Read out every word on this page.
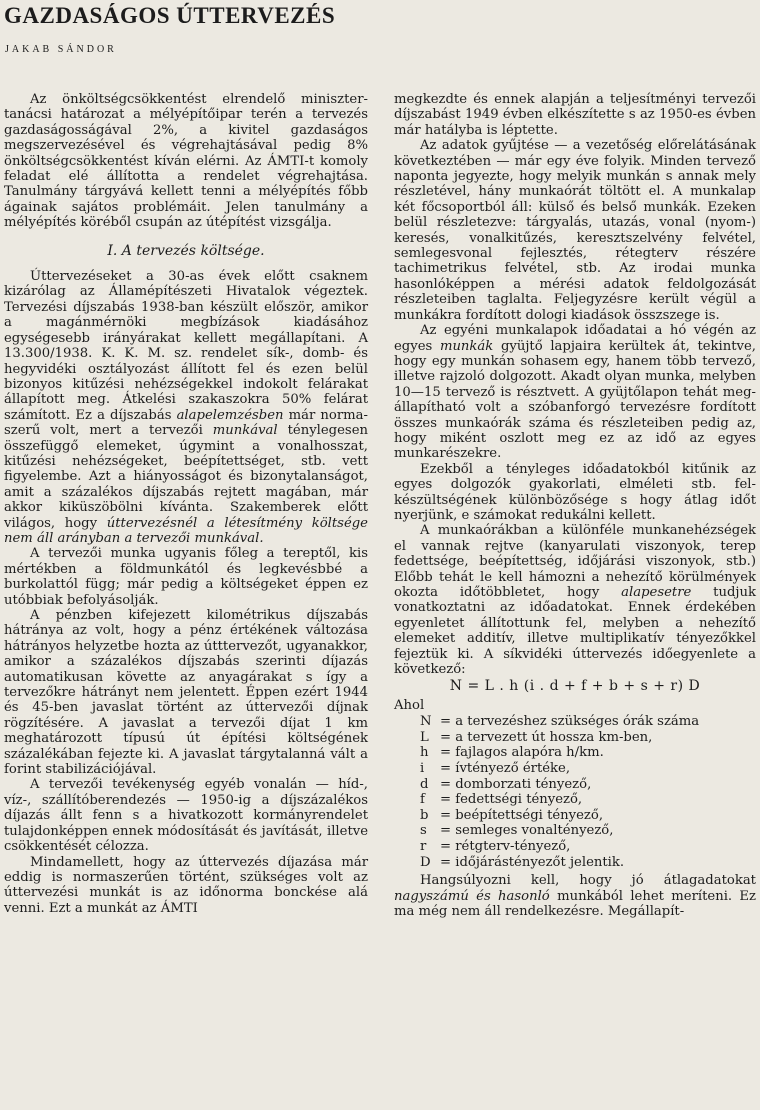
GAZDASÁGOS ÚTTERVEZÉS
JAKAB SÁNDOR

Az önköltségcsökkentést elrendelő minisztertanácsi határozat a mélyépítőipar terén a tervezés gazdaságosságával 2%, a kivitel gazdaságos megszervezésével és végrehajtásával pedig 8% önköltségcsökkentést kíván elérni. Az ÁMTI-t komoly feladat elé állította a rendelet végrehajtása. Tanulmány tárgyává kellett tenni a mélyépítés főbb ágainak sajátos problémáit. Jelen tanulmány a mélyépítés köréből csupán az útépítést vizsgálja.

I. A tervezés költsége.

Úttervezéseket a 30-as évek előtt csaknem kizárólag az Államépítészeti Hivatalok végeztek. Tervezési díjszabás 1938-ban készült először, amikor a magánmérnöki megbízások kiadásához egységesebb irányárakat kellett megállapítani. A 13.300/1938. K. K. M. sz. rendelet sík-, domb- és hegyvidéki osztályozást állított fel és ezen belül bizonyos kitűzési nehézségekkel indokolt felárakat állapított meg. Átkelési szakaszokra 50% felárat számított. Ez a díjszabás alapelemzésben már normaszerű volt, mert a tervezői munkával ténylegesen összefüggő elemeket, úgymint a vonalhosszat, kitűzési nehézségeket, beépítettséget, stb. vett figyelembe. Azt a hiányosságot és bizonytalanságot, amit a százalékos díjszabás rejtett magában, már akkor kiküszöbölni kívánta. Szakemberek előtt világos, hogy úttervezésnél a létesítmény költsége nem áll arányban a tervezői munkával.

A tervezői munka ugyanis főleg a tereptől, kis mértékben a földmunkától és legkevésbbé a burkolattól függ; már pedig a költségeket éppen ez utóbbiak befolyásolják.

A pénzben kifejezett kilométrikus díjszabás hátránya az volt, hogy a pénz értékének változása hátrányos helyzetbe hozta az útttervezőt, ugyanakkor, amikor a százalékos díjszabás szerinti díjazás automatikusan követte az anyagárakat s így a tervezőkre hátrányt nem jelentett. Éppen ezért 1944 és 45-ben javaslat történt az úttervezői díjnak rögzítésére. A javaslat a tervezői díjat 1 km meghatározott típusú út építési költségének százalékában fejezte ki. A javaslat tárgytalanná vált a forint stabilizációjával.

A tervezői tevékenység egyéb vonalán — híd-, víz-, szállítóberendezés — 1950-ig a díjszázalékos díjazás állt fenn s a hivatkozott kormányrendelet tulajdonképpen ennek módosítását és javítását, illetve csökkentését célozza.

Mindamellett, hogy az úttervezés díjazása már eddig is normaszerűen történt, szükséges volt az úttervezési munkát is az időnorma bonckése alá venni. Ezt a munkát az ÁMTI

megkezdte és ennek alapján a teljesítményi tervezői díjszabást 1949 évben elkészítette s az 1950-es évben már hatályba is léptette.

Az adatok gyűjtése — a vezetőség előrelátásának következtében — már egy éve folyik. Minden tervező naponta jegyezte, hogy melyik munkán s annak mely részletével, hány munkaórát töltött el. A munkalap két főcsoportból áll: külső és belső munkák. Ezeken belül részletezve: tárgyalás, utazás, vonal (nyom-) keresés, vonalkitűzés, keresztszelvény felvétel, semlegesvonal fejlesztés, rétegterv részére tachimetrikus felvétel, stb. Az irodai munka hasonlóképpen a mérési adatok feldolgozását részleteiben taglalta. Feljegyzésre került végül a munkákra fordított dologi kiadások összszege is.

Az egyéni munkalapok időadatai a hó végén az egyes munkák gyüjtő lapjaira kerültek át, tekintve, hogy egy munkán sohasem egy, hanem több tervező, illetve rajzoló dolgozott. Akadt olyan munka, melyben 10—15 tervező is résztvett. A gyüjtőlapon tehát megállapítható volt a szóbanforgó tervezésre fordított összes munkaórák száma és részleteiben pedig az, hogy miként oszlott meg ez az idő az egyes munkarészekre.

Ezekből a tényleges időadatokból kitűnik az egyes dolgozók gyakorlati, elméleti stb. felkészültségének különbözősége s hogy átlag időt nyerjünk, e számokat redukálni kellett.

A munkaórákban a különféle munkanehézségek el vannak rejtve (kanyarulati viszonyok, terep fedettsége, beépítettség, időjárási viszonyok, stb.) Előbb tehát le kell hámozni a nehezítő körülmények okozta időtöbbletet, hogy alapesetre tudjuk vonatkoztatni az időadatokat. Ennek érdekében egyenletet állítottunk fel, melyben a nehezítő elemeket additív, illetve multiplikatív tényezőkkel fejeztük ki. A síkvidéki úttervezés időegyenlete a következő:

N = L . h (i . d + f + b + s + r) D

Ahol

N = a tervezéshez szükséges órák száma
L = a tervezett út hossza km-ben,
h = fajlagos alapóra h/km.
i = ívtényező értéke,
d = domborzati tényező,
f = fedettségi tényező,
b = beépítettségi tényező,
s = semleges vonaltényező,
r = rétgterv-tényező,
D = időjárástényezőt jelentik.

Hangsúlyozni kell, hogy jó átlagadatokat nagyszámú és hasonló munkából lehet meríteni. Ez ma még nem áll rendelkezésre. Megállapít-
